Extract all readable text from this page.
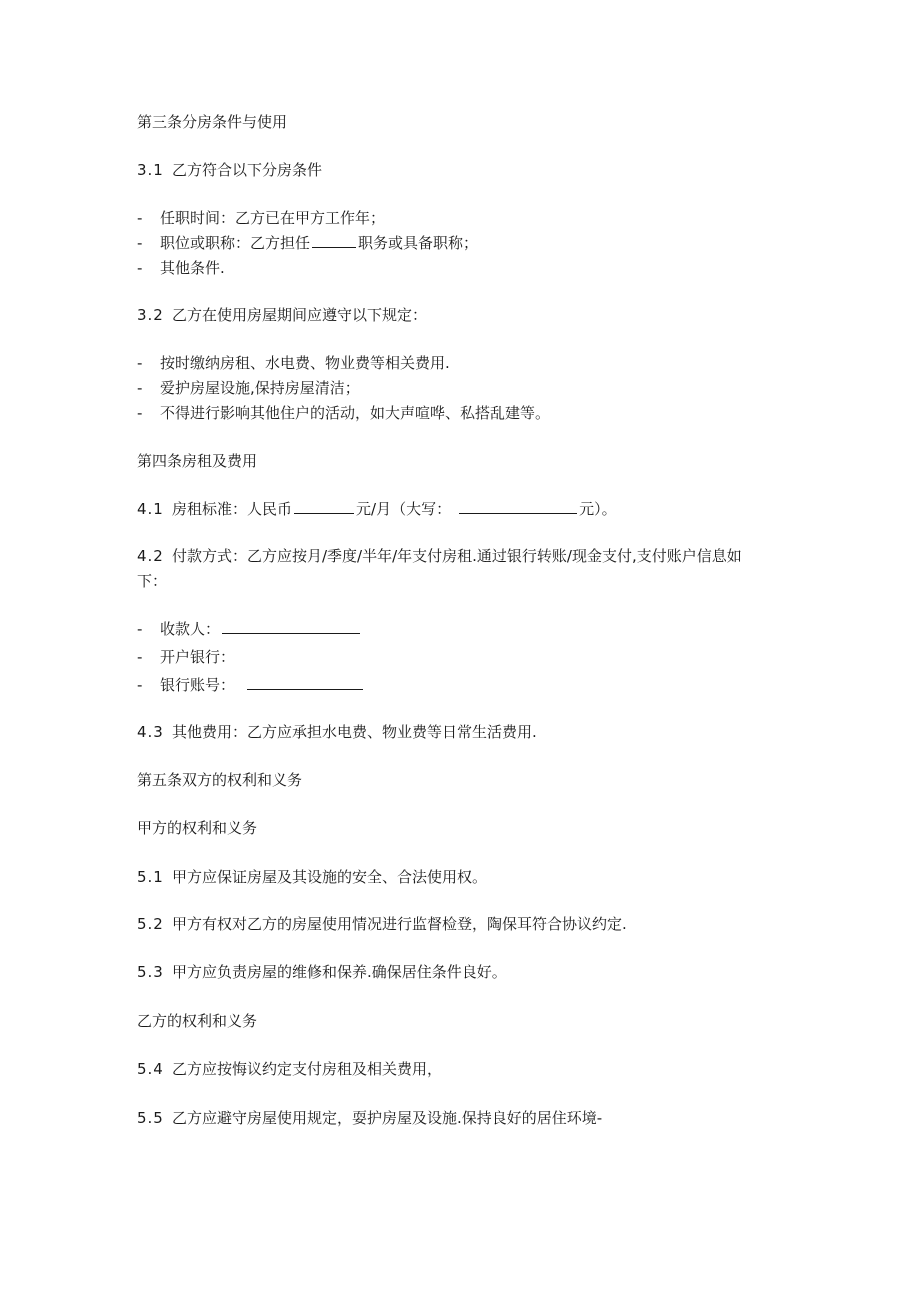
第三条分房条件与使用
3.1 乙方符合以下分房条件
- 任职时间：乙方已在甲方工作年；
- 职位或职称：乙方担任	职务或具备职称；
- 其他条件.
3.2 乙方在使用房屋期间应遵守以下规定：
- 按时缴纳房租、水电费、物业费等相关费用.
- 爱护房屋设施,保持房屋清洁；
- 不得进行影响其他住户的活动，如大声喧哗、私搭乱建等。
第四条房租及费用
4.1 房租标准：人民币	元/月（大写：	元）。
4.2 付款方式：乙方应按月/季度/半年/年支付房租.通过银行转账/现金支付,支付账户信息如
下：
- 收款人：
- 开户银行：
- 银行账号：
4.3 其他费用：乙方应承担水电费、物业费等日常生活费用.
第五条双方的权利和义务
甲方的权利和义务
5.1 甲方应保证房屋及其设施的安全、合法使用权。
5.2 甲方有权对乙方的房屋使用情况进行监督检登，陶保耳符合协议约定.
5.3 甲方应负责房屋的维修和保养.确保居住条件良好。
乙方的权利和义务
5.4 乙方应按悔议约定支付房租及相关费用，
5.5 乙方应避守房屋使用规定，耍护房屋及设施.保持良好的居住环境-
